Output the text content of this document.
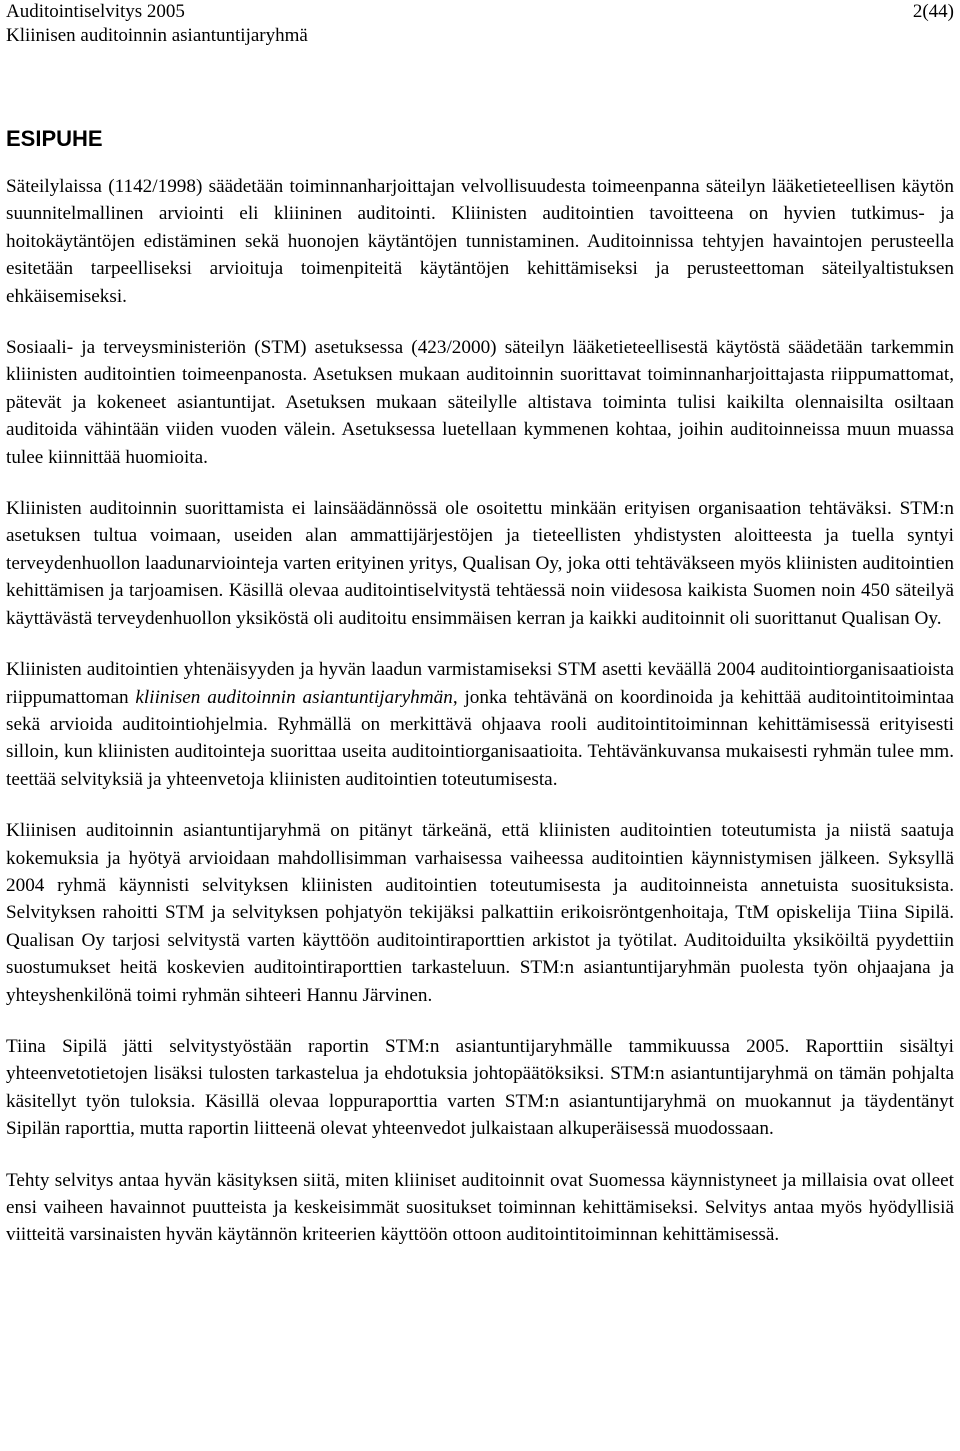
Auditointiselvitys 2005
Kliinisen auditoinnin asiantuntijaryhmä
2(44)
ESIPUHE

Säteilylaissa (1142/1998) säädetään toiminnanharjoittajan velvollisuudesta toimeenpanna säteilyn lääketieteellisen käytön suunnitelmallinen arviointi eli kliininen auditointi. Kliinisten auditointien tavoitteena on hyvien tutkimus- ja hoitokäytäntöjen edistäminen sekä huonojen käytäntöjen tunnistaminen. Auditoinnissa tehtyjen havaintojen perusteella esitetään tarpeelliseksi arvioituja toimenpiteitä käytäntöjen kehittämiseksi ja perusteettoman säteilyaltistuksen ehkäisemiseksi.

Sosiaali- ja terveysministeriön (STM) asetuksessa (423/2000) säteilyn lääketieteellisestä käytöstä säädetään tarkemmin kliinisten auditointien toimeenpanosta. Asetuksen mukaan auditoinnin suorittavat toiminnanharjoittajasta riippumattomat, pätevät ja kokeneet asiantuntijat. Asetuksen mukaan säteilylle altistava toiminta tulisi kaikilta olennaisilta osiltaan auditoida vähintään viiden vuoden välein. Asetuksessa luetellaan kymmenen kohtaa, joihin auditoinneissa muun muassa tulee kiinnittää huomioita.

Kliinisten auditoinnin suorittamista ei lainsäädännössä ole osoitettu minkään erityisen organisaation tehtäväksi. STM:n asetuksen tultua voimaan, useiden alan ammattijärjestöjen ja tieteellisten yhdistysten aloitteesta ja tuella syntyi terveydenhuollon laadunarviointeja varten erityinen yritys, Qualisan Oy, joka otti tehtäväkseen myös kliinisten auditointien kehittämisen ja tarjoamisen. Käsillä olevaa auditointiselvitystä tehtäessä noin viidesosa kaikista Suomen noin 450 säteilyä käyttävästä terveydenhuollon yksiköstä oli auditoitu ensimmäisen kerran ja kaikki auditoinnit oli suorittanut Qualisan Oy.

Kliinisten auditointien yhtenäisyyden ja hyvän laadun varmistamiseksi STM asetti keväällä 2004 auditointiorganisaatioista riippumattoman kliinisen auditoinnin asiantuntijaryhmän, jonka tehtävänä on koordinoida ja kehittää auditointitoimintaa sekä arvioida auditointiohjelmia. Ryhmällä on merkittävä ohjaava rooli auditointitoiminnan kehittämisessä erityisesti silloin, kun kliinisten auditointeja suorittaa useita auditointiorganisaatioita. Tehtävänkuvansa mukaisesti ryhmän tulee mm. teettää selvityksiä ja yhteenvetoja kliinisten auditointien toteutumisesta.

Kliinisen auditoinnin asiantuntijaryhmä on pitänyt tärkeänä, että kliinisten auditointien toteutumista ja niistä saatuja kokemuksia ja hyötyä arvioidaan mahdollisimman varhaisessa vaiheessa auditointien käynnistymisen jälkeen. Syksyllä 2004 ryhmä käynnisti selvityksen kliinisten auditointien toteutumisesta ja auditoinneista annetuista suosituksista. Selvityksen rahoitti STM ja selvityksen pohjatyön tekijäksi palkattiin erikoisröntgenhoitaja, TtM opiskelija Tiina Sipilä. Qualisan Oy tarjosi selvitystä varten käyttöön auditointiraporttien arkistot ja työtilat. Auditoiduilta yksiköiltä pyydettiin suostumukset heitä koskevien auditointiraporttien tarkasteluun. STM:n asiantuntijaryhmän puolesta työn ohjaajana ja yhteyshenkilönä toimi ryhmän sihteeri Hannu Järvinen.

Tiina Sipilä jätti selvitystyöstään raportin STM:n asiantuntijaryhmälle tammikuussa 2005. Raporttiin sisältyi yhteenvetotietojen lisäksi tulosten tarkastelua ja ehdotuksia johtopäätöksiksi. STM:n asiantuntijaryhmä on tämän pohjalta käsitellyt työn tuloksia. Käsillä olevaa loppuraporttia varten STM:n asiantuntijaryhmä on muokannut ja täydentänyt Sipilän raporttia, mutta raportin liitteenä olevat yhteenvedot julkaistaan alkuperäisessä muodossaan.

Tehty selvitys antaa hyvän käsityksen siitä, miten kliiniset auditoinnit ovat Suomessa käynnistyneet ja millaisia ovat olleet ensi vaiheen havainnot puutteista ja keskeisimmät suositukset toiminnan kehittämiseksi. Selvitys antaa myös hyödyllisiä viitteitä varsinaisten hyvän käytännön kriteerien käyttöön ottoon auditointitoiminnan kehittämisessä.
